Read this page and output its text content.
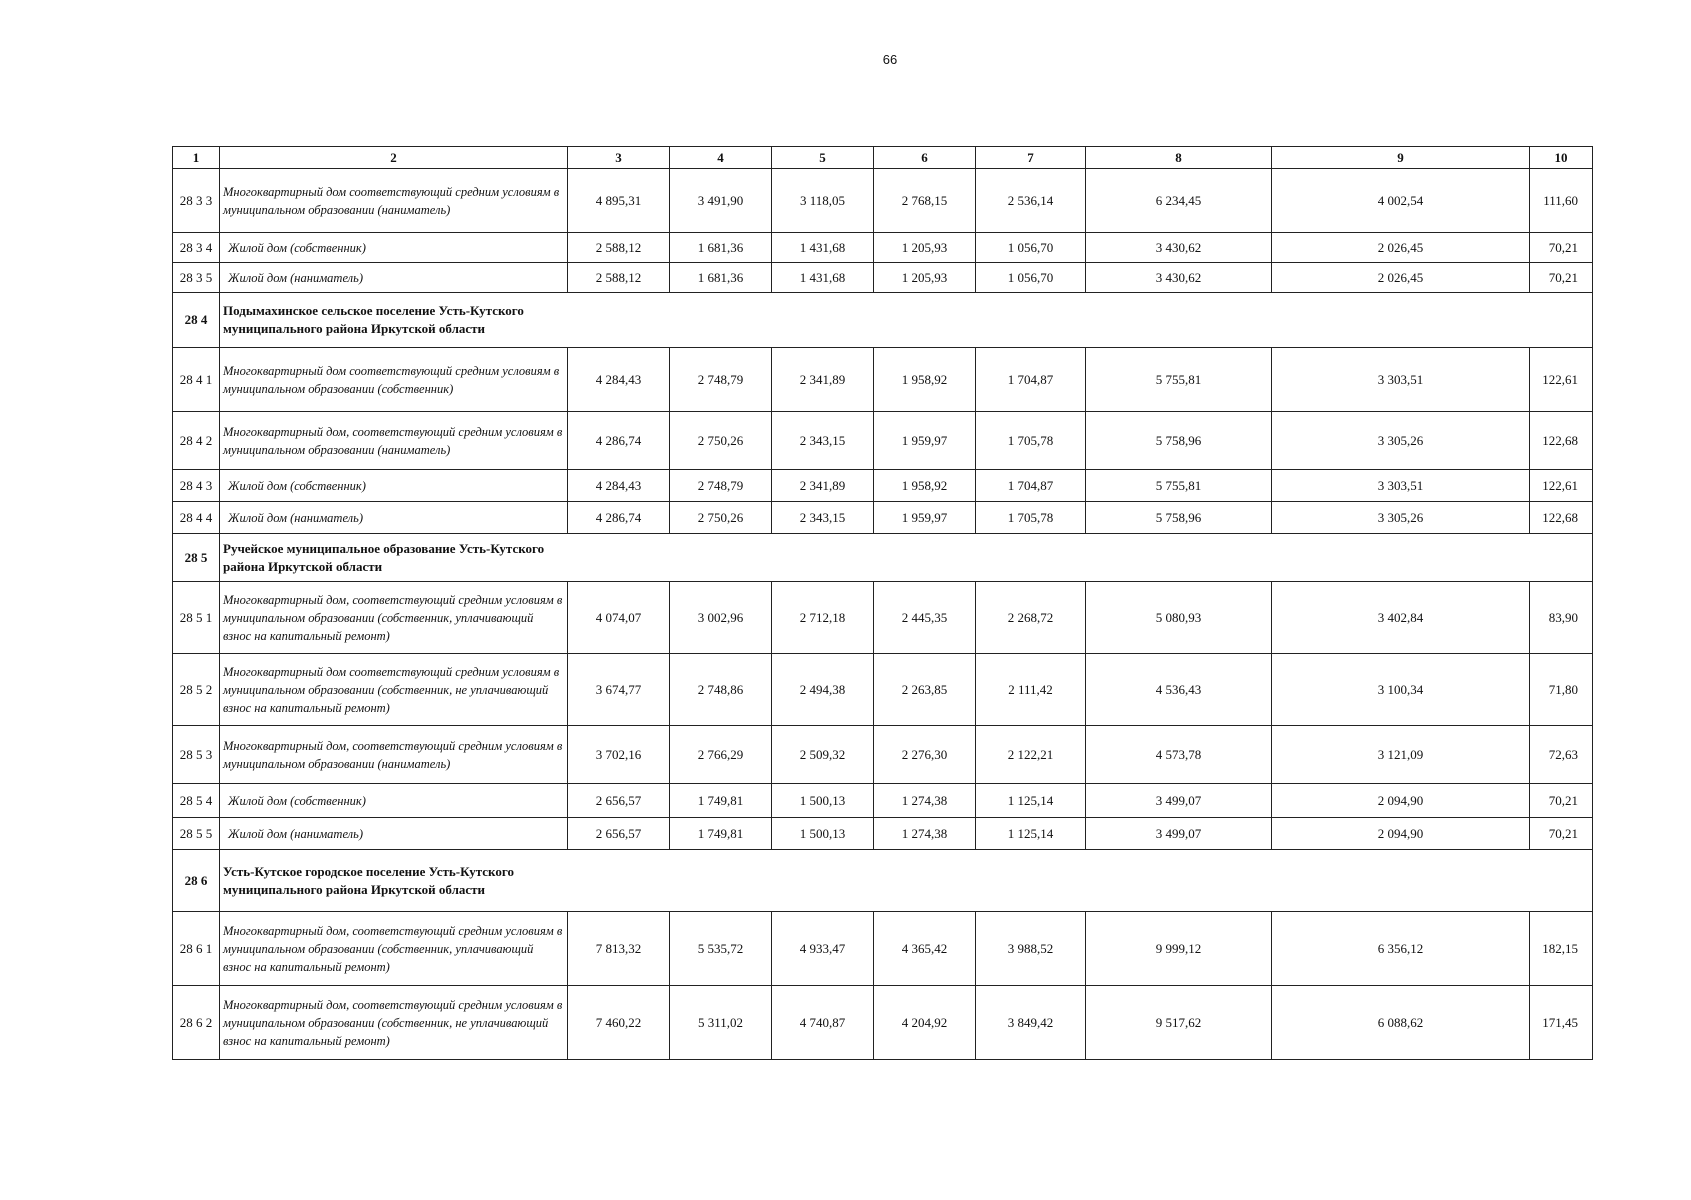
66
1	2	3	4	5	6	7	8	9	10
28 3 3	Многоквартирный дом соответствующий средним условиям в муниципальном образовании (наниматель)	4 895,31	3 491,90	3 118,05	2 768,15	2 536,14	6 234,45	4 002,54	111,60
28 3 4	Жилой дом (собственник)	2 588,12	1 681,36	1 431,68	1 205,93	1 056,70	3 430,62	2 026,45	70,21
28 3 5	Жилой дом (наниматель)	2 588,12	1 681,36	1 431,68	1 205,93	1 056,70	3 430,62	2 026,45	70,21
28 4	Подымахинское сельское поселение Усть-Кутского муниципального района Иркутской области								

28 4 1	Многоквартирный дом соответствующий средним условиям в муниципальном образовании (собственник)	4 284,43	2 748,79	2 341,89	1 958,92	1 704,87	5 755,81	3 303,51	122,61
28 4 2	Многоквартирный дом, соответствующий средним условиям в муниципальном образовании (наниматель)	4 286,74	2 750,26	2 343,15	1 959,97	1 705,78	5 758,96	3 305,26	122,68
28 4 3	Жилой дом (собственник)	4 284,43	2 748,79	2 341,89	1 958,92	1 704,87	5 755,81	3 303,51	122,61
28 4 4	Жилой дом (наниматель)	4 286,74	2 750,26	2 343,15	1 959,97	1 705,78	5 758,96	3 305,26	122,68
28 5	Ручейское муниципальное образование Усть-Кутского района Иркутской области								

28 5 1	Многоквартирный дом, соответствующий средним условиям в муниципальном образовании (собственник, уплачивающий взнос на капитальный ремонт)	4 074,07	3 002,96	2 712,18	2 445,35	2 268,72	5 080,93	3 402,84	83,90
28 5 2	Многоквартирный дом соответствующий средним условиям в муниципальном образовании (собственник, не уплачивающий взнос на капитальный ремонт)	3 674,77	2 748,86	2 494,38	2 263,85	2 111,42	4 536,43	3 100,34	71,80
28 5 3	Многоквартирный дом, соответствующий средним условиям в муниципальном образовании (наниматель)	3 702,16	2 766,29	2 509,32	2 276,30	2 122,21	4 573,78	3 121,09	72,63
28 5 4	Жилой дом (собственник)	2 656,57	1 749,81	1 500,13	1 274,38	1 125,14	3 499,07	2 094,90	70,21
28 5 5	Жилой дом (наниматель)	2 656,57	1 749,81	1 500,13	1 274,38	1 125,14	3 499,07	2 094,90	70,21
28 6	Усть-Кутское городское поселение Усть-Кутского муниципального района Иркутской области								

28 6 1	Многоквартирный дом, соответствующий средним условиям в муниципальном образовании (собственник, уплачивающий взнос на капитальный ремонт)	7 813,32	5 535,72	4 933,47	4 365,42	3 988,52	9 999,12	6 356,12	182,15
28 6 2	Многоквартирный дом, соответствующий средним условиям в муниципальном образовании (собственник, не уплачивающий взнос на капитальный ремонт)	7 460,22	5 311,02	4 740,87	4 204,92	3 849,42	9 517,62	6 088,62	171,45
